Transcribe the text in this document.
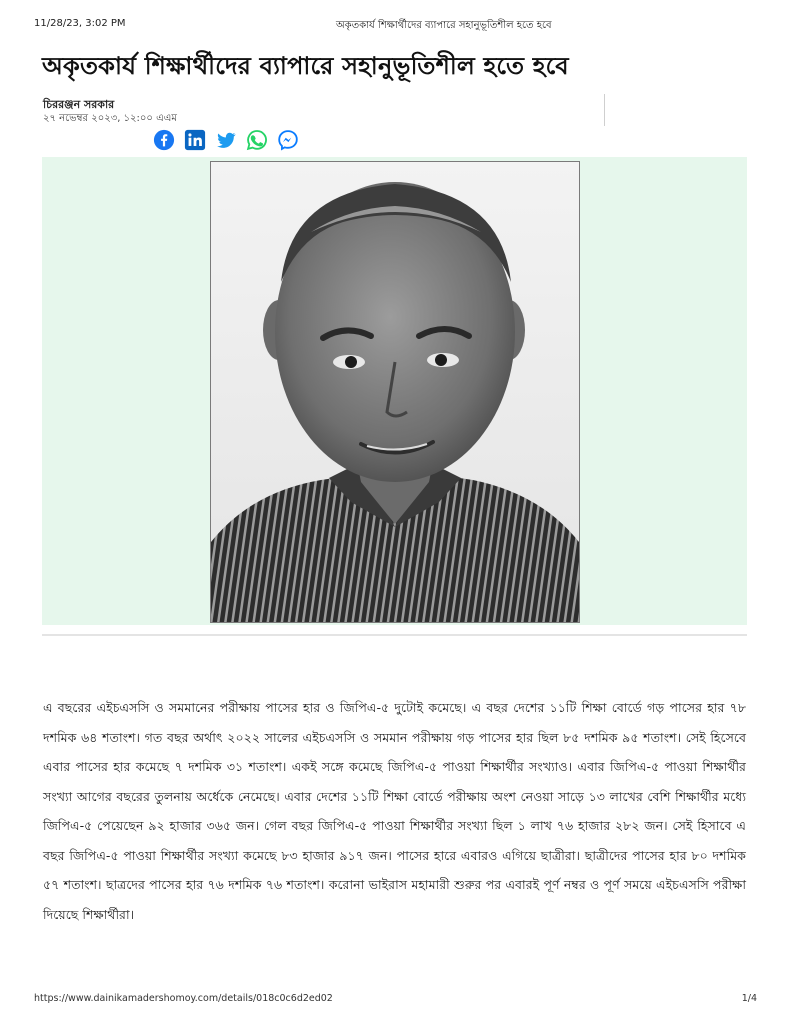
11/28/23, 3:02 PM	অকৃতকার্য শিক্ষার্থীদের ব্যাপারে সহানুভূতিশীল হতে হবে
অকৃতকার্য শিক্ষার্থীদের ব্যাপারে সহানুভূতিশীল হতে হবে
চিররঞ্জন সরকার
২৭ নভেম্বর ২০২৩, ১২:০০ এএম

এ বছরের এইচএসসি ও সমমানের পরীক্ষায় পাসের হার ও জিপিএ-৫ দুটোই কমেছে। এ বছর দেশের ১১টি শিক্ষা বোর্ডে গড় পাসের হার ৭৮ দশমিক ৬৪ শতাংশ। গত বছর অর্থাৎ ২০২২ সালের এইচএসসি ও সমমান পরীক্ষায় গড় পাসের হার ছিল ৮৫ দশমিক ৯৫ শতাংশ। সেই হিসেবে এবার পাসের হার কমেছে ৭ দশমিক ৩১ শতাংশ। একই সঙ্গে কমেছে জিপিএ-৫ পাওয়া শিক্ষার্থীর সংখ্যাও। এবার জিপিএ-৫ পাওয়া শিক্ষার্থীর সংখ্যা আগের বছরের তুলনায় অর্ধেকে নেমেছে। এবার দেশের ১১টি শিক্ষা বোর্ডে পরীক্ষায় অংশ নেওয়া সাড়ে ১৩ লাখের বেশি শিক্ষার্থীর মধ্যে জিপিএ-৫ পেয়েছেন ৯২ হাজার ৩৬৫ জন। গেল বছর জিপিএ-৫ পাওয়া শিক্ষার্থীর সংখ্যা ছিল ১ লাখ ৭৬ হাজার ২৮২ জন। সেই হিসাবে এ বছর জিপিএ-৫ পাওয়া শিক্ষার্থীর সংখ্যা কমেছে ৮৩ হাজার ৯১৭ জন। পাসের হারে এবারও এগিয়ে ছাত্রীরা। ছাত্রীদের পাসের হার ৮০ দশমিক ৫৭ শতাংশ। ছাত্রদের পাসের হার ৭৬ দশমিক ৭৬ শতাংশ। করোনা ভাইরাস মহামারী শুরুর পর এবারই পূর্ণ নম্বর ও পূর্ণ সময়ে এইচএসসি পরীক্ষা দিয়েছে শিক্ষার্থীরা।

https://www.dainikamadershomoy.com/details/018c0c6d2ed02	1/4
